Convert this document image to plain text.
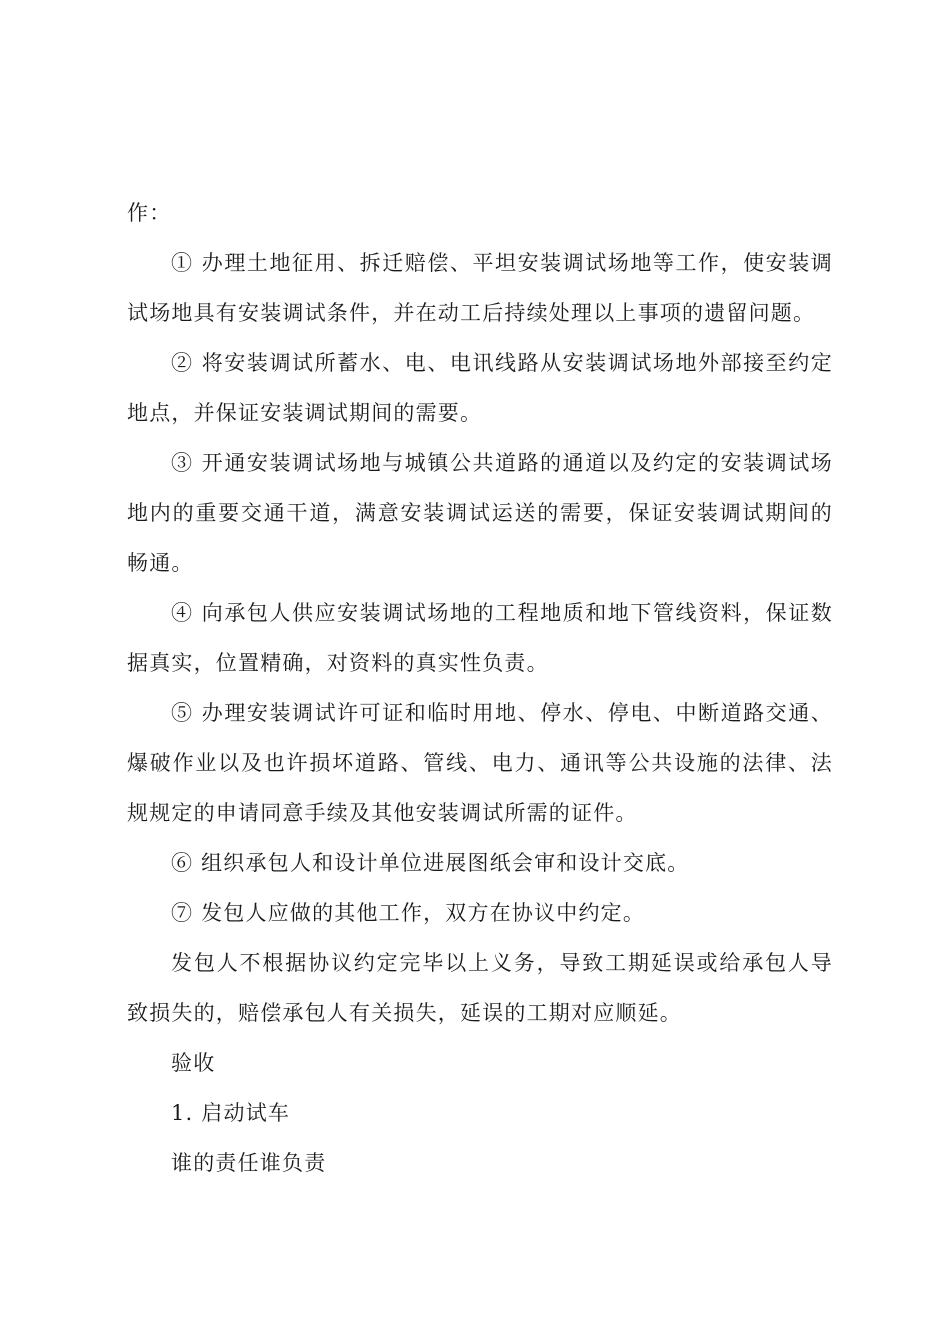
作：

① 办理土地征用、拆迁赔偿、平坦安装调试场地等工作，使安装调试场地具有安装调试条件，并在动工后持续处理以上事项的遗留问题。

② 将安装调试所蓄水、电、电讯线路从安装调试场地外部接至约定地点，并保证安装调试期间的需要。

③ 开通安装调试场地与城镇公共道路的通道以及约定的安装调试场地内的重要交通干道，满意安装调试运送的需要，保证安装调试期间的畅通。

④ 向承包人供应安装调试场地的工程地质和地下管线资料，保证数据真实，位置精确，对资料的真实性负责。

⑤ 办理安装调试许可证和临时用地、停水、停电、中断道路交通、爆破作业以及也许损坏道路、管线、电力、通讯等公共设施的法律、法规规定的申请同意手续及其他安装调试所需的证件。

⑥ 组织承包人和设计单位进展图纸会审和设计交底。

⑦ 发包人应做的其他工作，双方在协议中约定。

发包人不根据协议约定完毕以上义务，导致工期延误或给承包人导致损失的，赔偿承包人有关损失，延误的工期对应顺延。

验收

1. 启动试车

谁的责任谁负责
